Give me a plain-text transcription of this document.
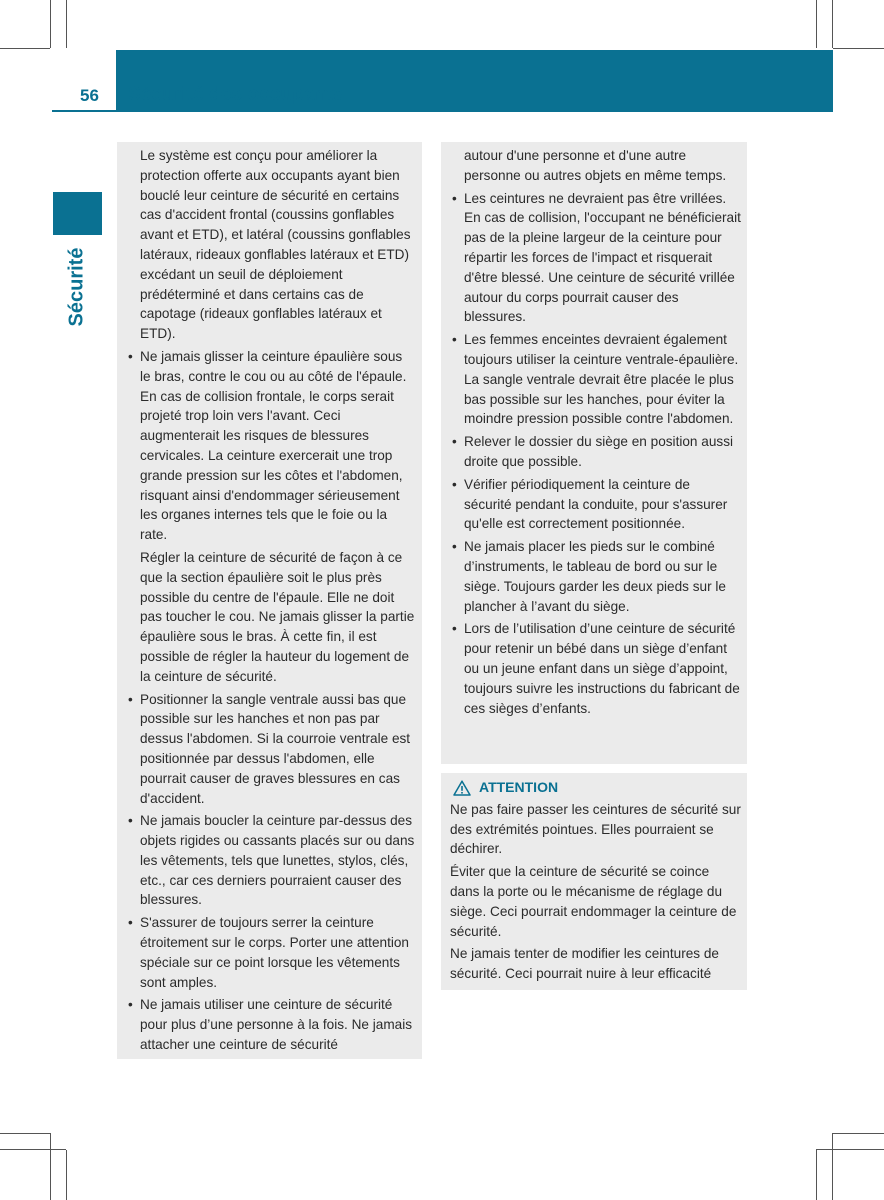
56 Sécurité des occupants
Sécurité

Le système est conçu pour améliorer la protection offerte aux occupants ayant bien bouclé leur ceinture de sécurité en certains cas d'accident frontal (coussins gonflables avant et ETD), et latéral (coussins gonflables latéraux, rideaux gonflables latéraux et ETD) excédant un seuil de déploiement prédéterminé et dans certains cas de capotage (rideaux gonflables latéraux et ETD).

• Ne jamais glisser la ceinture épaulière sous le bras, contre le cou ou au côté de l'épaule. En cas de collision frontale, le corps serait projeté trop loin vers l'avant. Ceci augmenterait les risques de blessures cervicales. La ceinture exercerait une trop grande pression sur les côtes et l'abdomen, risquant ainsi d'endommager sérieusement les organes internes tels que le foie ou la rate.

Régler la ceinture de sécurité de façon à ce que la section épaulière soit le plus près possible du centre de l'épaule. Elle ne doit pas toucher le cou. Ne jamais glisser la partie épaulière sous le bras. À cette fin, il est possible de régler la hauteur du logement de la ceinture de sécurité.

• Positionner la sangle ventrale aussi bas que possible sur les hanches et non pas par dessus l'abdomen. Si la courroie ventrale est positionnée par dessus l'abdomen, elle pourrait causer de graves blessures en cas d'accident.
• Ne jamais boucler la ceinture par-dessus des objets rigides ou cassants placés sur ou dans les vêtements, tels que lunettes, stylos, clés, etc., car ces derniers pourraient causer des blessures.
• S'assurer de toujours serrer la ceinture étroitement sur le corps. Porter une attention spéciale sur ce point lorsque les vêtements sont amples.
• Ne jamais utiliser une ceinture de sécurité pour plus d’une personne à la fois. Ne jamais attacher une ceinture de sécurité

autour d'une personne et d'une autre personne ou autres objets en même temps.

• Les ceintures ne devraient pas être vrillées. En cas de collision, l'occupant ne bénéficierait pas de la pleine largeur de la ceinture pour répartir les forces de l'impact et risquerait d'être blessé. Une ceinture de sécurité vrillée autour du corps pourrait causer des blessures.
• Les femmes enceintes devraient également toujours utiliser la ceinture ventrale-épaulière. La sangle ventrale devrait être placée le plus bas possible sur les hanches, pour éviter la moindre pression possible contre l'abdomen.
• Relever le dossier du siège en position aussi droite que possible.
• Vérifier périodiquement la ceinture de sécurité pendant la conduite, pour s'assurer qu'elle est correctement positionnée.
• Ne jamais placer les pieds sur le combiné d’instruments, le tableau de bord ou sur le siège. Toujours garder les deux pieds sur le plancher à l’avant du siège.
• Lors de l’utilisation d’une ceinture de sécurité pour retenir un bébé dans un siège d’enfant ou un jeune enfant dans un siège d’appoint, toujours suivre les instructions du fabricant de ces sièges d’enfants.
ATTENTION

Ne pas faire passer les ceintures de sécurité sur des extrémités pointues. Elles pourraient se déchirer.

Éviter que la ceinture de sécurité se coince dans la porte ou le mécanisme de réglage du siège. Ceci pourrait endommager la ceinture de sécurité.

Ne jamais tenter de modifier les ceintures de sécurité. Ceci pourrait nuire à leur efficacité
